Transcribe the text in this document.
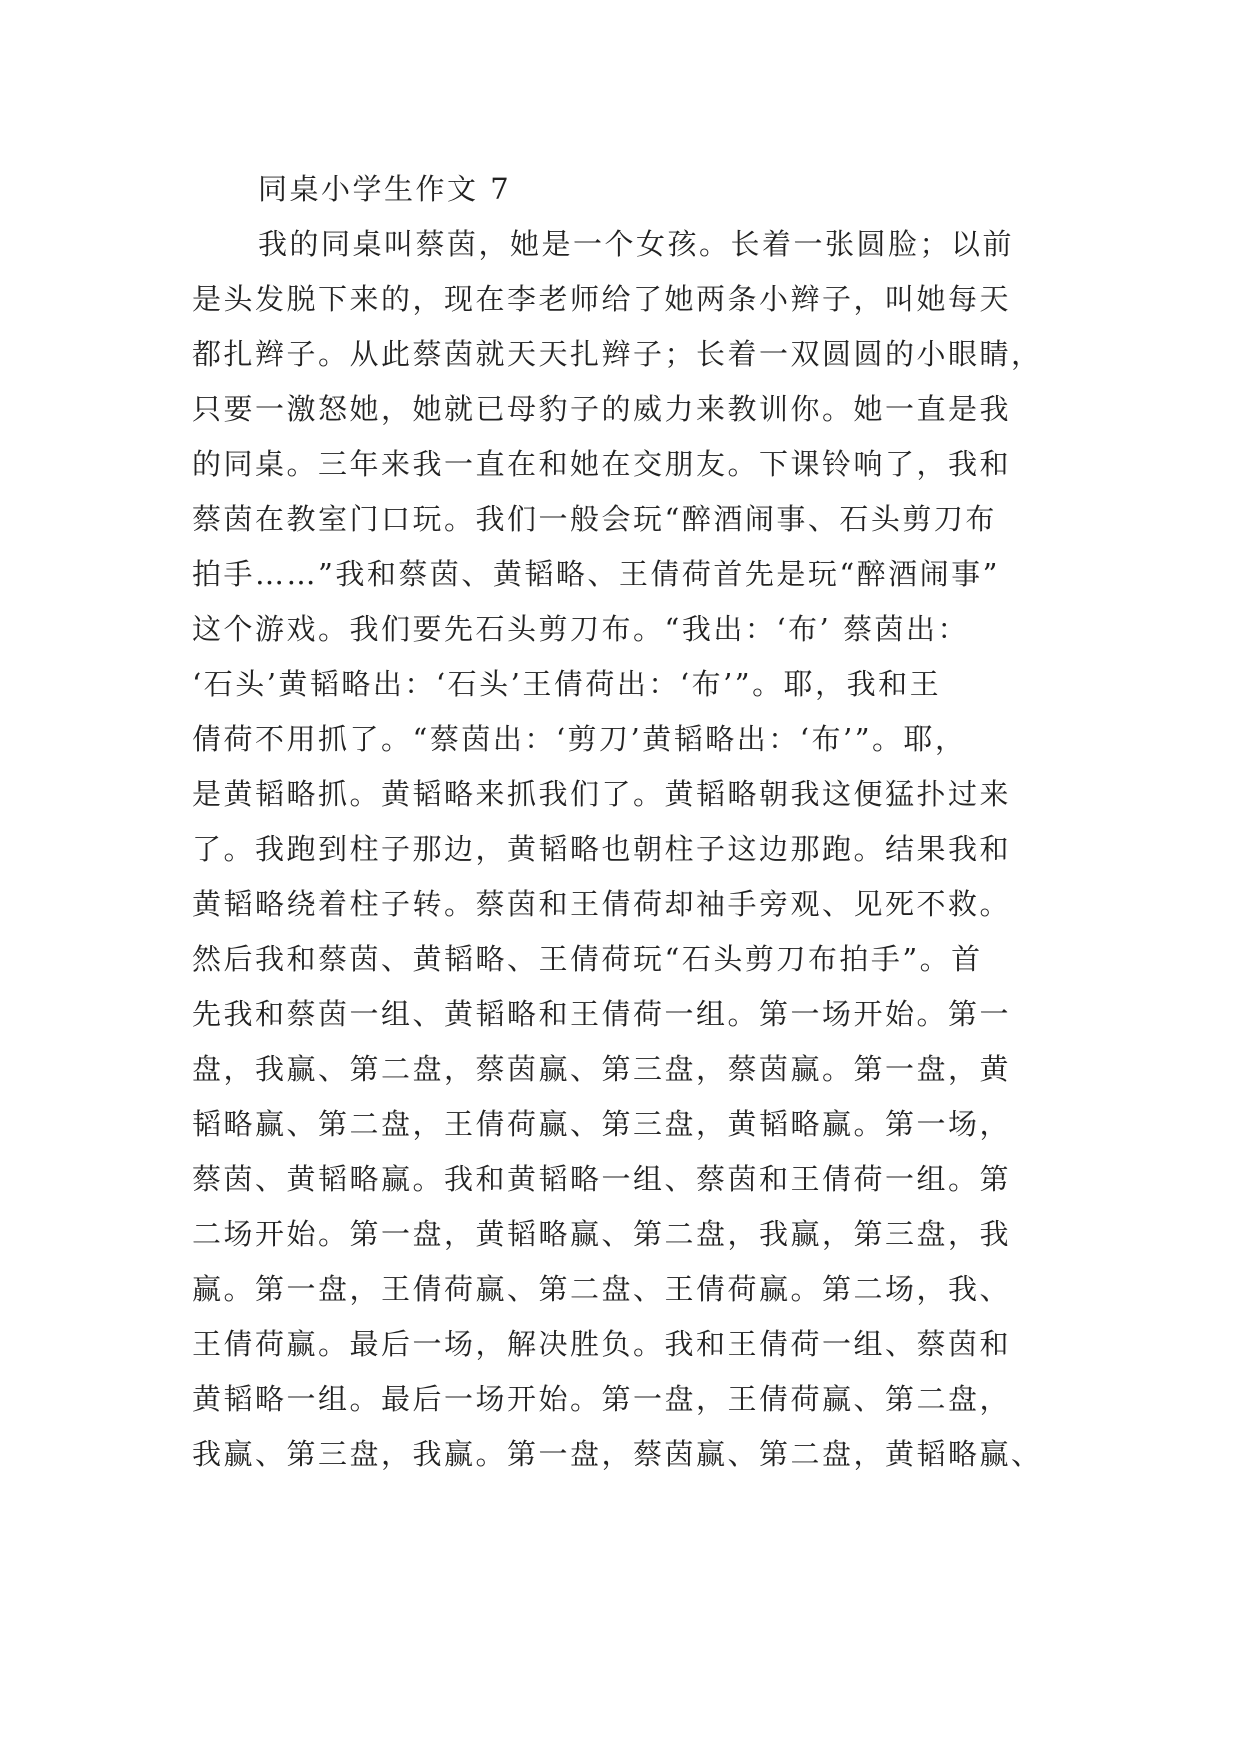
同桌小学生作文 7

我的同桌叫蔡茵，她是一个女孩。长着一张圆脸；以前

是头发脱下来的，现在李老师给了她两条小辫子，叫她每天

都扎辫子。从此蔡茵就天天扎辫子；长着一双圆圆的小眼睛，

只要一激怒她，她就已母豹子的威力来教训你。她一直是我

的同桌。三年来我一直在和她在交朋友。下课铃响了，我和

蔡茵在教室门口玩。我们一般会玩“醉酒闹事、石头剪刀布

拍手……”我和蔡茵、黄韬略、王倩荷首先是玩“醉酒闹事”

这个游戏。我们要先石头剪刀布。“我出：‘布’ 蔡茵出：

‘石头’黄韬略出：‘石头’王倩荷出：‘布’”。耶，我和王

倩荷不用抓了。“蔡茵出：‘剪刀’黄韬略出：‘布’”。耶，

是黄韬略抓。黄韬略来抓我们了。黄韬略朝我这便猛扑过来

了。我跑到柱子那边，黄韬略也朝柱子这边那跑。结果我和

黄韬略绕着柱子转。蔡茵和王倩荷却袖手旁观、见死不救。

然后我和蔡茵、黄韬略、王倩荷玩“石头剪刀布拍手”。首

先我和蔡茵一组、黄韬略和王倩荷一组。第一场开始。第一

盘，我赢、第二盘，蔡茵赢、第三盘，蔡茵赢。第一盘，黄

韬略赢、第二盘，王倩荷赢、第三盘，黄韬略赢。第一场，

蔡茵、黄韬略赢。我和黄韬略一组、蔡茵和王倩荷一组。第

二场开始。第一盘，黄韬略赢、第二盘，我赢，第三盘，我

赢。第一盘，王倩荷赢、第二盘、王倩荷赢。第二场，我、

王倩荷赢。最后一场，解决胜负。我和王倩荷一组、蔡茵和

黄韬略一组。最后一场开始。第一盘，王倩荷赢、第二盘，

我赢、第三盘，我赢。第一盘，蔡茵赢、第二盘，黄韬略赢、
